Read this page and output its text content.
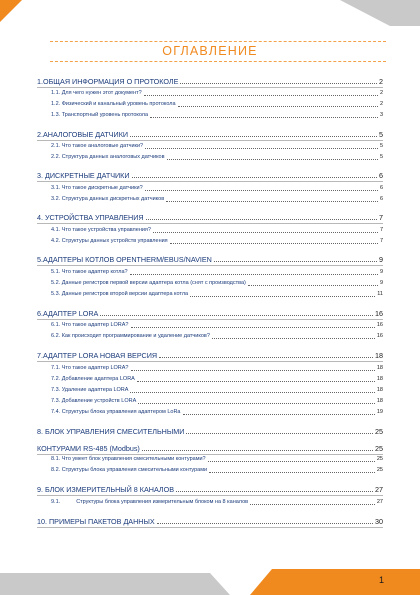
ОГЛАВЛЕНИЕ
1.ОБЩАЯ ИНФОРМАЦИЯ О ПРОТОКОЛЕ	2
1.1. Для чего нужен этот документ?	2
1.2. Физический и канальный уровень протокола	2
1.3. Транспортный уровень протокола	3
2.АНАЛОГОВЫЕ ДАТЧИКИ	5
2.1. Что такое аналоговые датчики?	5
2.2. Структура данных аналоговых датчиков	5
3. ДИСКРЕТНЫЕ ДАТЧИКИ	6
3.1. Что такое дискретные датчики?	6
3.2. Структура данных дискретных датчиков	6
4. УСТРОЙСТВА УПРАВЛЕНИЯ	7
4.1. Что такое устройства управления?	7
4.2. Структуры данных устройств управления	7
5.АДАПТЕРЫ КОТЛОВ OPENTHERM/EBUS/NAVIEN	9
5.1. Что такое адаптер котла?	9
5.2. Данные регистров первой версии адаптера котла (снят с производства)	9
5.3. Данные регистров второй версии адаптера котла	11
6.АДАПТЕР LORA	16
6.1. Что такое адаптер LORA?	16
6.2. Как происходит программирование и удаление датчиков?	16
7.АДАПТЕР LORA НОВАЯ ВЕРСИЯ	18
7.1. Что такое адаптер LORA?	18
7.2. Добавление адаптера LORA	18
7.3. Удаление адаптера LORA	18
7.3. Добавление устройств LORA	18
7.4. Структуры блока управления адаптером LoRa	19
8. БЛОК УПРАВЛЕНИЯ СМЕСИТЕЛЬНЫМИ	25
КОНТУРАМИ RS-485 (Modbus)	25
8.1. Что умеет блок управления смесительными контурами?	25
8.2. Структуры блока управления смесительными контурами	25
9. БЛОК ИЗМЕРИТЕЛЬНЫЙ 8 КАНАЛОВ	27
9.1.	Структуры блока управления измерительным блоком на 8 каналов	27
10. ПРИМЕРЫ ПАКЕТОВ ДАННЫХ	30
1
